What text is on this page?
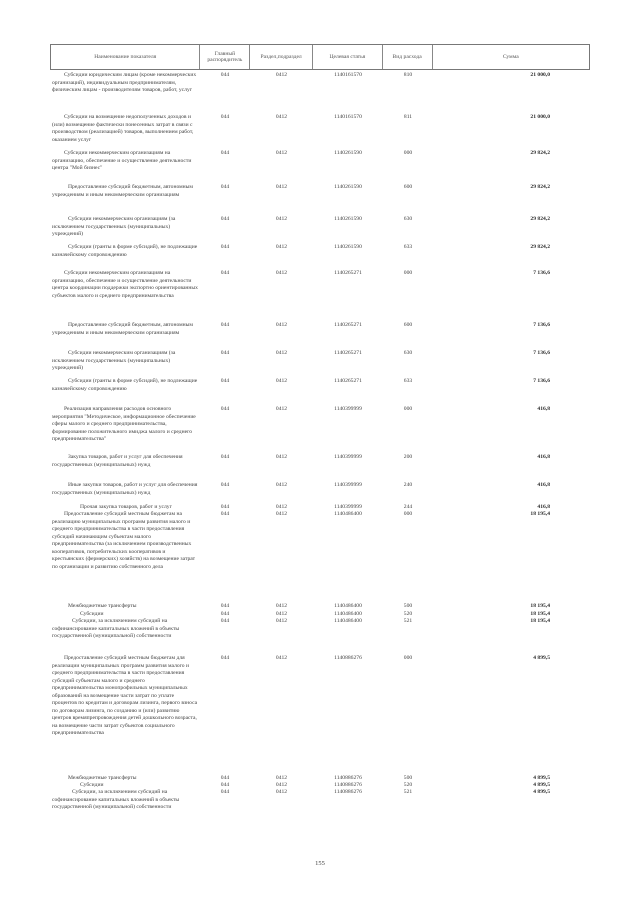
Наименование показателя
Главный распорядитель
Раздел,подраздел	Целевая статья	Вид расхода	Сумма
Субсидии юридическим лицам (кроме некоммерческих организаций), индивидуальным предпринимателям, физическим лицам - производителям товаров, работ, услуг
044	0412	1140161570	810	21 000,0
Субсидии на возмещение недополученных доходов и (или) возмещение фактически понесенных затрат в связи с производством (реализацией) товаров, выполнением работ, оказанием услуг
044	0412	1140161570	811	21 000,0
Субсидии некоммерческим организациям на организацию, обеспечение и осуществление деятельности центра "Мой бизнес"
044	0412	1140261590	000	29 824,2
Предоставление субсидий бюджетным, автономным учреждениям и иным некоммерческим организациям
044	0412	1140261590	600	29 824,2
Субсидии некоммерческим организациям (за исключением государственных (муниципальных) учреждений)
044	0412	1140261590	630	29 824,2
Субсидии (гранты в форме субсидий), не подлежащие казначейскому сопровождению
044	0412	1140261590	633	29 824,2
Субсидии некоммерческим организациям на организацию, обеспечение и осуществление деятельности центра координации поддержки экспортно ориентированных субъектов малого и среднего предпринимательства
044	0412	1140265271	000	7 136,6
Предоставление субсидий бюджетным, автономным учреждениям и иным некоммерческим организациям
044	0412	1140265271	600	7 136,6
Субсидии некоммерческим организациям (за исключением государственных (муниципальных) учреждений)
044	0412	1140265271	630	7 136,6
Субсидии (гранты в форме субсидий), не подлежащие казначейскому сопровождению
044	0412	1140265271	633	7 136,6
Реализация направления расходов основного мероприятия "Методическое, информационное обеспечение сферы малого и среднего предпринимательства, формирование положительного имиджа малого и среднего предпринимательства"
044	0412	1140399999	000	416,8
Закупка товаров, работ и услуг для обеспечения государственных (муниципальных) нужд
044	0412	1140399999	200	416,8
Иные закупки товаров, работ и услуг для обеспечения государственных (муниципальных) нужд
044	0412	1140399999	240	416,8
Прочая закупка товаров, работ и услуг	044	0412	1140399999	244	416,8
Предоставление субсидий местным бюджетам на реализацию муниципальных программ развития малого и среднего предпринимательства в части предоставления субсидий начинающим субъектам малого предпринимательства (за исключением производственных кооперативов, потребительских кооперативов и крестьянских (фермерских) хозяйств) на возмещение затрат по организации и развитию собственного дела
044	0412	1140486400	000	18 195,4
Межбюджетные трансферты	044	0412	1140486400	500	18 195,4
Субсидии	044	0412	1140486400	520	18 195,4
Субсидии, за исключением субсидий на софинансирование капитальных вложений в объекты государственной (муниципальной) собственности
044	0412	1140486400	521	18 195,4
Предоставление субсидий местным бюджетам для реализации муниципальных программ развития малого и среднего предпринимательства в части предоставления субсидий субъектам малого и среднего предпринимательства монопрофильных муниципальных образований на возмещение части затрат по уплате процентов по кредитам и договорам лизинга, первого взноса по договорам лизинга, по созданию и (или) развитию центров времяпрепровождения детей дошкольного возраста, на возмещение части затрат субъектов социального предпринимательства
044	0412	1140886276	000	4 899,5
Межбюджетные трансферты	044	0412	1140886276	500	4 899,5
Субсидии	044	0412	1140886276	520	4 899,5
Субсидии, за исключением субсидий на софинансирование капитальных вложений в объекты государственной (муниципальной) собственности
044	0412	1140886276	521	4 899,5
155
